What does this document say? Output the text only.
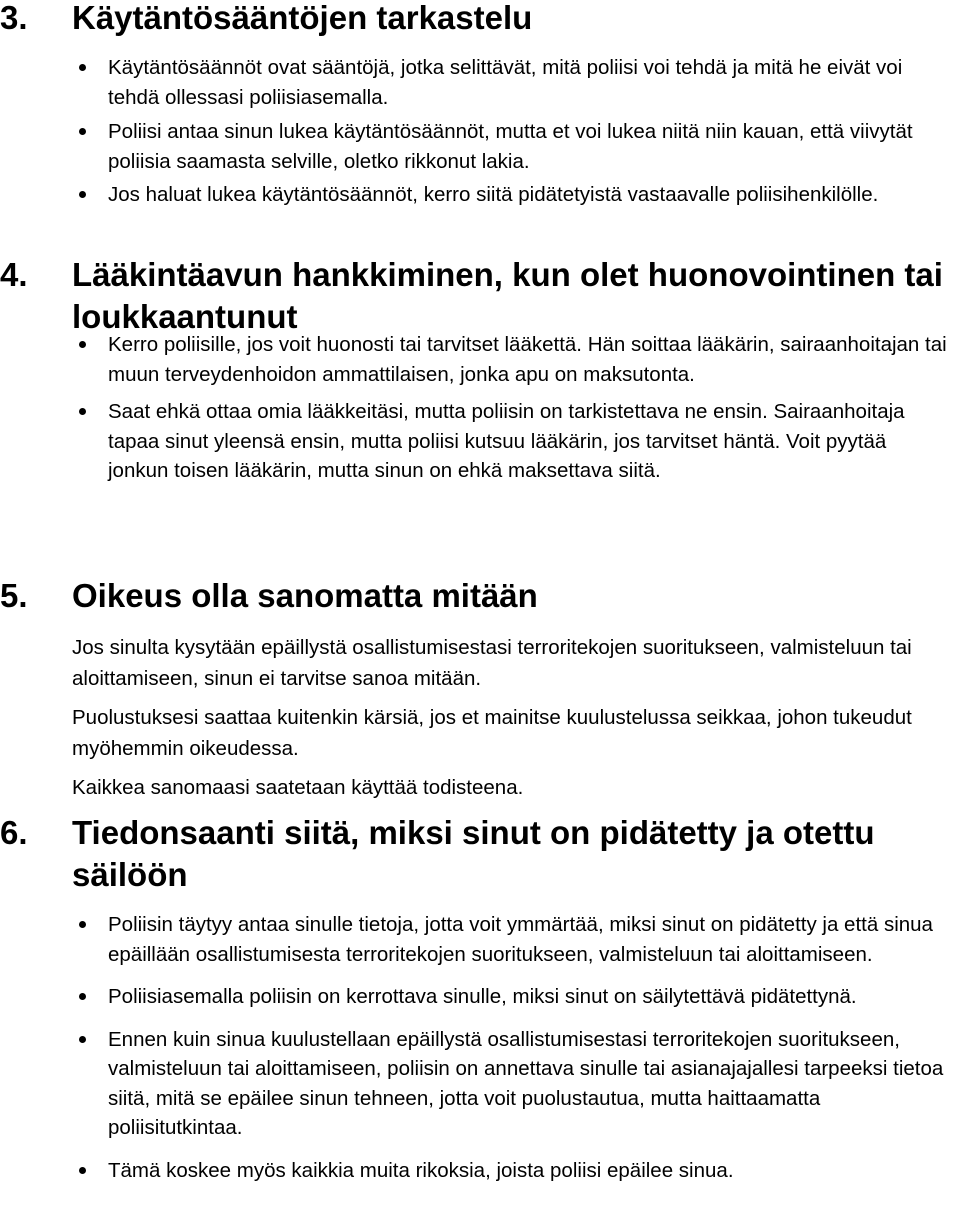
3.	Käytäntösääntöjen tarkastelu
Käytäntösäännöt ovat sääntöjä, jotka selittävät, mitä poliisi voi tehdä ja mitä he eivät voi tehdä ollessasi poliisiasemalla.
Poliisi antaa sinun lukea käytäntösäännöt, mutta et voi lukea niitä niin kauan, että viivytät poliisia saamasta selville, oletko rikkonut lakia.
Jos haluat lukea käytäntösäännöt, kerro siitä pidätetyistä vastaavalle poliisihenkilölle.
4.	Lääkintäavun hankkiminen, kun olet huonovointinen tai loukkaantunut
Kerro poliisille, jos voit huonosti tai tarvitset lääkettä. Hän soittaa lääkärin, sairaanhoitajan tai muun terveydenhoidon ammattilaisen, jonka apu on maksutonta.
Saat ehkä ottaa omia lääkkeitäsi, mutta poliisin on tarkistettava ne ensin. Sairaanhoitaja tapaa sinut yleensä ensin, mutta poliisi kutsuu lääkärin, jos tarvitset häntä. Voit pyytää jonkun toisen lääkärin, mutta sinun on ehkä maksettava siitä.
5.	Oikeus olla sanomatta mitään

Jos sinulta kysytään epäillystä osallistumisestasi terroritekojen suoritukseen, valmisteluun tai aloittamiseen, sinun ei tarvitse sanoa mitään.

Puolustuksesi saattaa kuitenkin kärsiä, jos et mainitse kuulustelussa seikkaa, johon tukeudut myöhemmin oikeudessa.

Kaikkea sanomaasi saatetaan käyttää todisteena.

6.	Tiedonsaanti siitä, miksi sinut on pidätetty ja otettu säilöön
Poliisin täytyy antaa sinulle tietoja, jotta voit ymmärtää, miksi sinut on pidätetty ja että sinua epäillään osallistumisesta terroritekojen suoritukseen, valmisteluun tai aloittamiseen.
Poliisiasemalla poliisin on kerrottava sinulle, miksi sinut on säilytettävä pidätettynä.
Ennen kuin sinua kuulustellaan epäillystä osallistumisestasi terroritekojen suoritukseen, valmisteluun tai aloittamiseen, poliisin on annettava sinulle tai asianajajallesi tarpeeksi tietoa siitä, mitä se epäilee sinun tehneen, jotta voit puolustautua, mutta haittaamatta poliisitutkintaa.
Tämä koskee myös kaikkia muita rikoksia, joista poliisi epäilee sinua.
